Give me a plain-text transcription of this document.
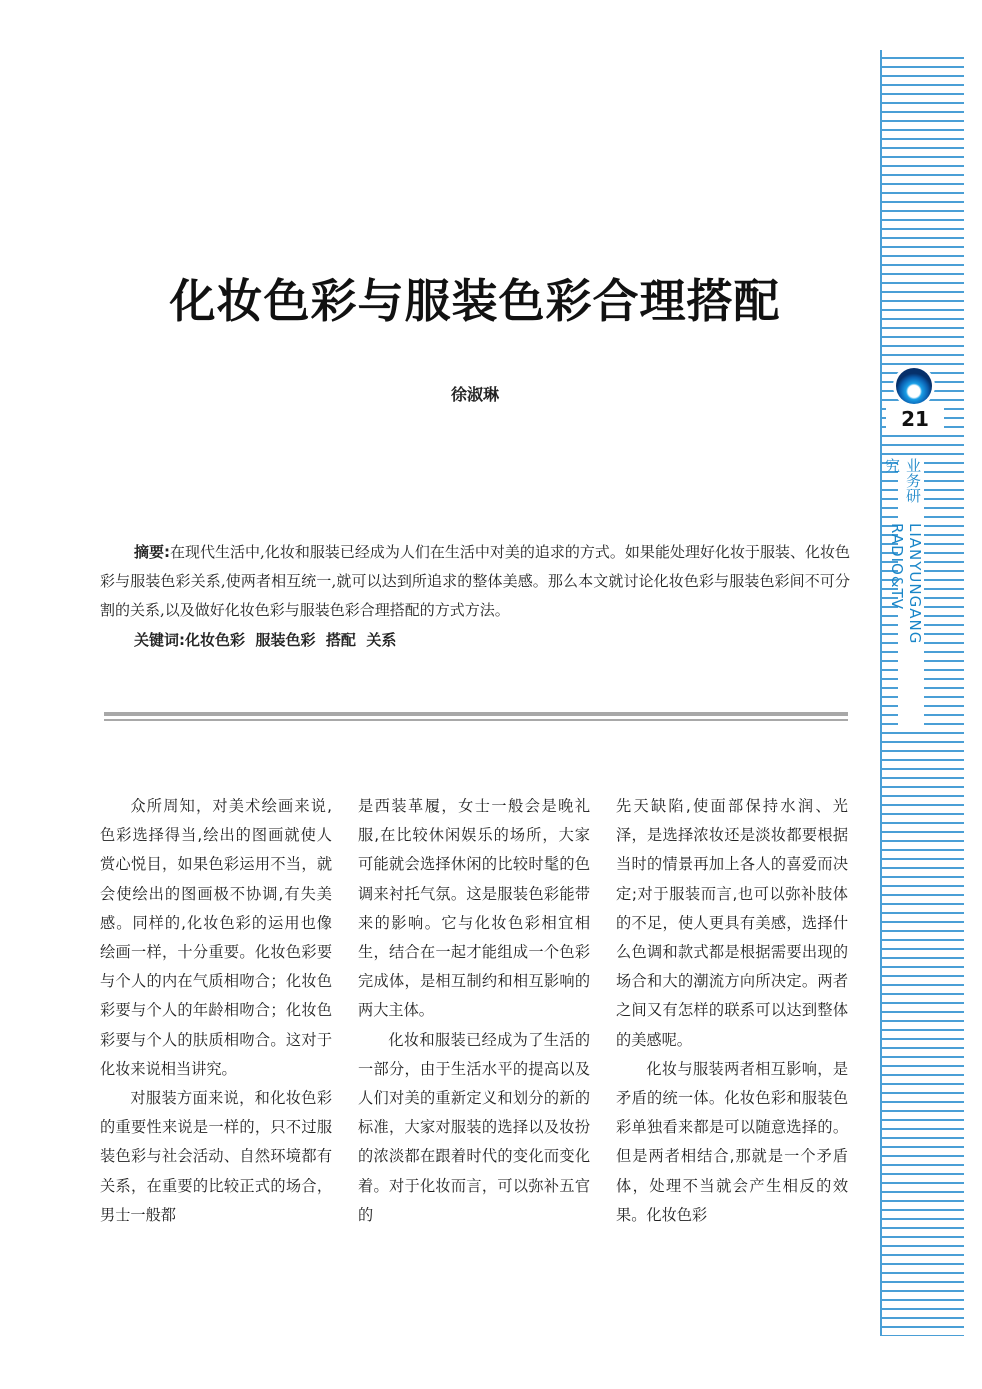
21
业务研究
LIANYUNGANG RADIO&TV
化妆色彩与服装色彩合理搭配
徐淑琳

摘要:在现代生活中,化妆和服装已经成为人们在生活中对美的追求的方式。如果能处理好化妆于服装、化妆色彩与服装色彩关系,使两者相互统一,就可以达到所追求的整体美感。那么本文就讨论化妆色彩与服装色彩间不可分割的关系,以及做好化妆色彩与服装色彩合理搭配的方式方法。

关键词:化妆色彩  服装色彩  搭配  关系

众所周知，对美术绘画来说,色彩选择得当,绘出的图画就使人赏心悦目，如果色彩运用不当，就会使绘出的图画极不协调,有失美感。同样的,化妆色彩的运用也像绘画一样，十分重要。化妆色彩要与个人的内在气质相吻合；化妆色彩要与个人的年龄相吻合；化妆色彩要与个人的肤质相吻合。这对于化妆来说相当讲究。

对服装方面来说，和化妆色彩的重要性来说是一样的，只不过服装色彩与社会活动、自然环境都有关系，在重要的比较正式的场合，男士一般都

是西装革履，女士一般会是晚礼服,在比较休闲娱乐的场所，大家可能就会选择休闲的比较时髦的色调来衬托气氛。这是服装色彩能带来的影响。它与化妆色彩相宜相生，结合在一起才能组成一个色彩完成体，是相互制约和相互影响的两大主体。

化妆和服装已经成为了生活的一部分，由于生活水平的提高以及人们对美的重新定义和划分的新的标准，大家对服装的选择以及妆扮的浓淡都在跟着时代的变化而变化着。对于化妆而言，可以弥补五官的

先天缺陷,使面部保持水润、光泽，是选择浓妆还是淡妆都要根据当时的情景再加上各人的喜爱而决定;对于服装而言,也可以弥补肢体的不足，使人更具有美感，选择什么色调和款式都是根据需要出现的场合和大的潮流方向所决定。两者之间又有怎样的联系可以达到整体的美感呢。

化妆与服装两者相互影响，是矛盾的统一体。化妆色彩和服装色彩单独看来都是可以随意选择的。但是两者相结合,那就是一个矛盾体，处理不当就会产生相反的效果。化妆色彩
